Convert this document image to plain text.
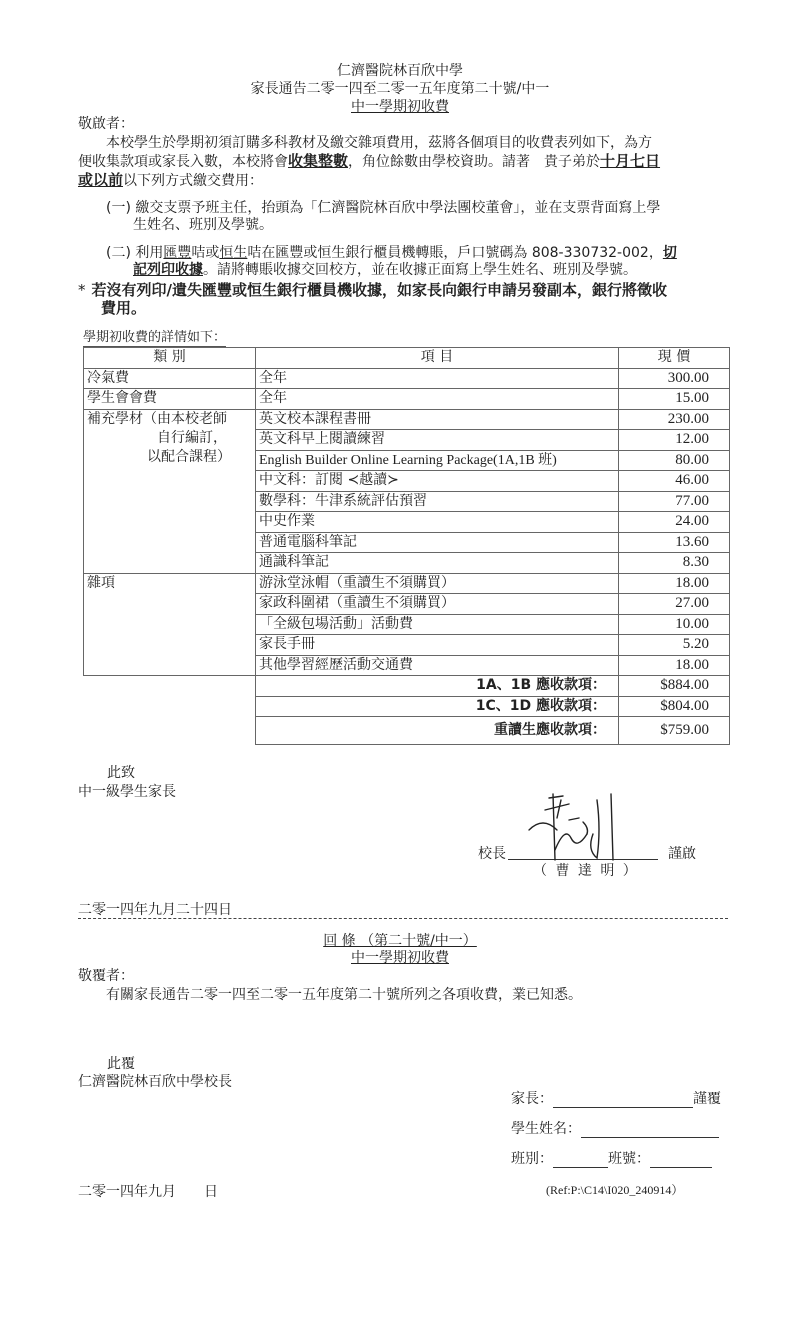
仁濟醫院林百欣中學
家長通告二零一四至二零一五年度第二十號/中一
中一學期初收費
敬啟者：
本校學生於學期初須訂購多科教材及繳交雜項費用，茲將各個項目的收費表列如下，為方
便收集款項或家長入數，本校將會收集整數，角位餘數由學校資助。請著　貴子弟於十月七日
或以前以下列方式繳交費用：
(一) 繳交支票予班主任，抬頭為「仁濟醫院林百欣中學法團校董會」，並在支票背面寫上學
生姓名、班別及學號。
(二) 利用匯豐咭或恒生咭在匯豐或恒生銀行櫃員機轉賬，戶口號碼為 808-330732-002，切
記列印收據。請將轉賬收據交回校方，並在收據正面寫上學生姓名、班別及學號。
* 若沒有列印/遺失匯豐或恒生銀行櫃員機收據，如家長向銀行申請另發副本，銀行將徵收
費用。
學期初收費的詳情如下：
類 別	項 目	現 價
冷氣費	全年	300.00
學生會會費	全年	15.00

補充學材（由本校老師
自行編訂，
以配合課程）	英文校本課程書冊	230.00
	英文科早上閱讀練習	12.00
	English Builder Online Learning Package(1A,1B 班)	80.00
	中文科：訂閱 ≺越讀≻	46.00
	數學科：牛津系統評估預習	77.00
	中史作業	24.00
	普通電腦科筆記	13.60
	通識科筆記	8.30
雜項	游泳堂泳帽（重讀生不須購買）	18.00
	家政科圍裙（重讀生不須購買）	27.00
	「全級包場活動」活動費	10.00
	家長手冊	5.20
	其他學習經歷活動交通費	18.00
	1A、1B 應收款項：	$884.00
	1C、1D 應收款項：	$804.00
	重讀生應收款項：	$759.00
此致
中一級學生家長
校長	謹啟
（ 曹 達 明 ）
二零一四年九月二十四日
回 條 （第二十號/中一）
中一學期初收費
敬覆者：
有關家長通告二零一四至二零一五年度第二十號所列之各項收費，業已知悉。
此覆
仁濟醫院林百欣中學校長
家長：	謹覆
學生姓名：
班別：	班號：
二零一四年九月　　日	(Ref:P:\C14\I020_240914）
